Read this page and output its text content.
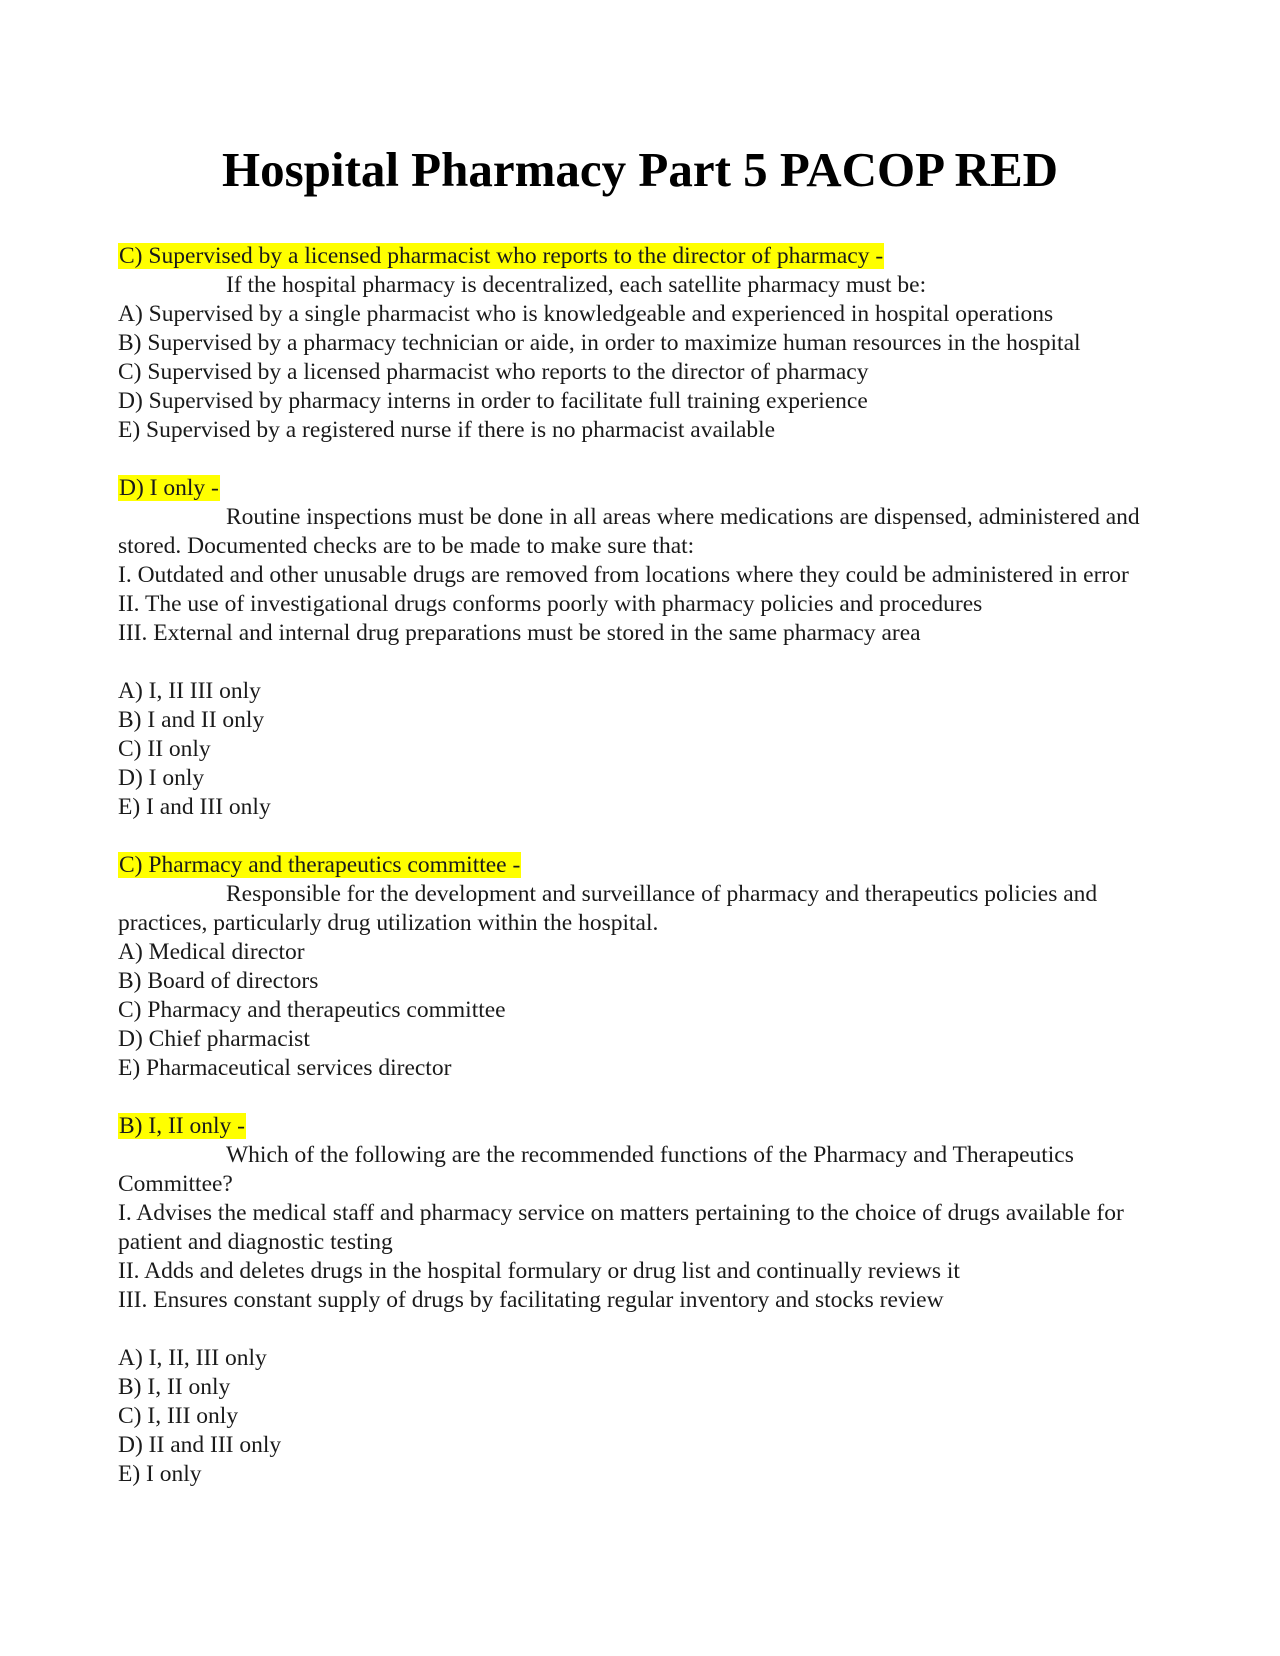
Hospital Pharmacy Part 5 PACOP RED
C) Supervised by a licensed pharmacist who reports to the director of pharmacy -
If the hospital pharmacy is decentralized, each satellite pharmacy must be:
A) Supervised by a single pharmacist who is knowledgeable and experienced in hospital operations
B) Supervised by a pharmacy technician or aide, in order to maximize human resources in the hospital
C) Supervised by a licensed pharmacist who reports to the director of pharmacy
D) Supervised by pharmacy interns in order to facilitate full training experience
E) Supervised by a registered nurse if there is no pharmacist available
D) I only -
Routine inspections must be done in all areas where medications are dispensed, administered and stored. Documented checks are to be made to make sure that:
I. Outdated and other unusable drugs are removed from locations where they could be administered in error
II. The use of investigational drugs conforms poorly with pharmacy policies and procedures
III. External and internal drug preparations must be stored in the same pharmacy area
A) I, II III only
B) I and II only
C) II only
D) I only
E) I and III only
C) Pharmacy and therapeutics committee -
Responsible for the development and surveillance of pharmacy and therapeutics policies and practices, particularly drug utilization within the hospital.
A) Medical director
B) Board of directors
C) Pharmacy and therapeutics committee
D) Chief pharmacist
E) Pharmaceutical services director
B) I, II only -
Which of the following are the recommended functions of the Pharmacy and Therapeutics Committee?
I. Advises the medical staff and pharmacy service on matters pertaining to the choice of drugs available for patient and diagnostic testing
II. Adds and deletes drugs in the hospital formulary or drug list and continually reviews it
III. Ensures constant supply of drugs by facilitating regular inventory and stocks review
A) I, II, III only
B) I, II only
C) I, III only
D) II and III only
E) I only
